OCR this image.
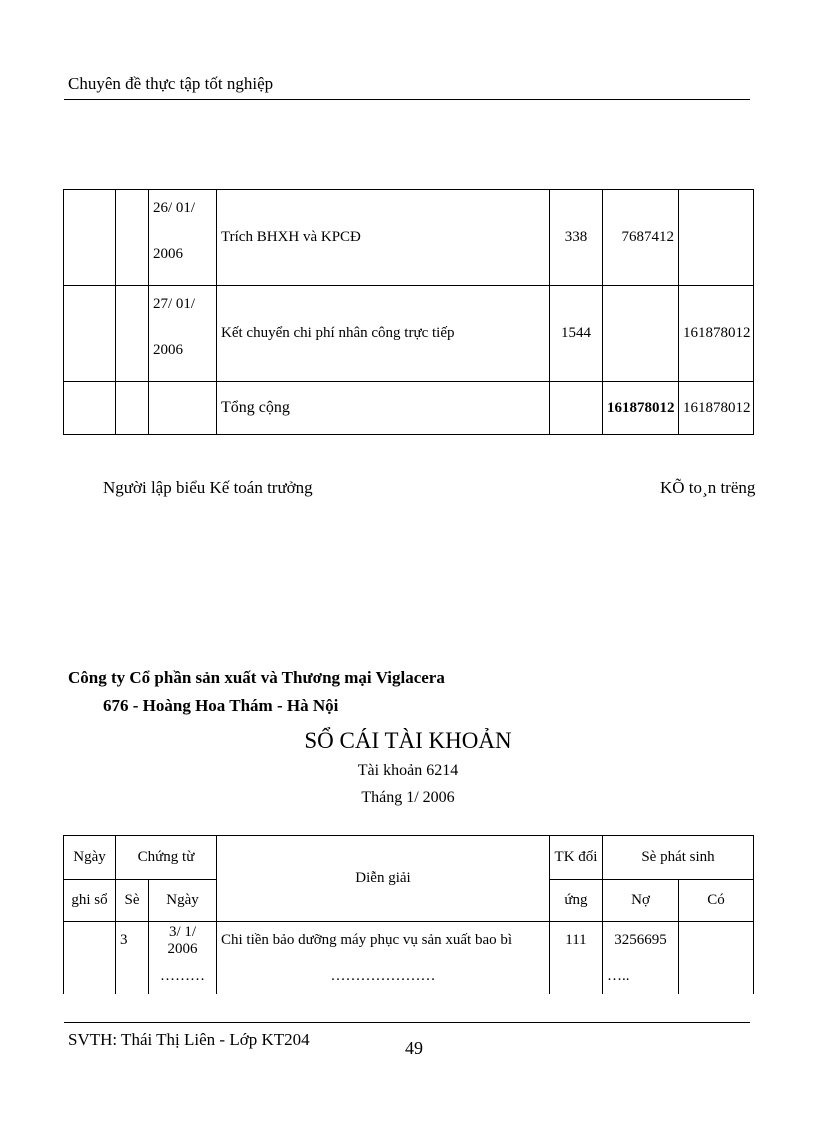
Chuyên đề thực tập tốt nghiệp

		26/ 01/
2006	Trích BHXH và KPCĐ	338	7687412	

		27/ 01/
2006	Kết chuyển chi phí nhân công trực tiếp	1544		161878012
			Tổng cộng		161878012	161878012
Người lập biểu Kế toán trưởng	KÕ to¸n trëng
Công ty Cổ phần sản xuất và Thương mại Viglacera
676 - Hoàng Hoa Thám - Hà Nội
SỔ CÁI TÀI KHOẢN
Tài khoản 6214
Tháng 1/ 2006
Ngày	Chứng từ		Diễn giải	TK đối	Sè phát sinh	
ghi sổ	Sè	Ngày		ứng	Nợ	Có
	3	3/ 1/ 2006	Chi tiền bảo dưỡng máy phục vụ sản xuất bao bì	111	3256695	
		………	…………………		…..	
SVTH: Thái Thị Liên - Lớp KT204	49
